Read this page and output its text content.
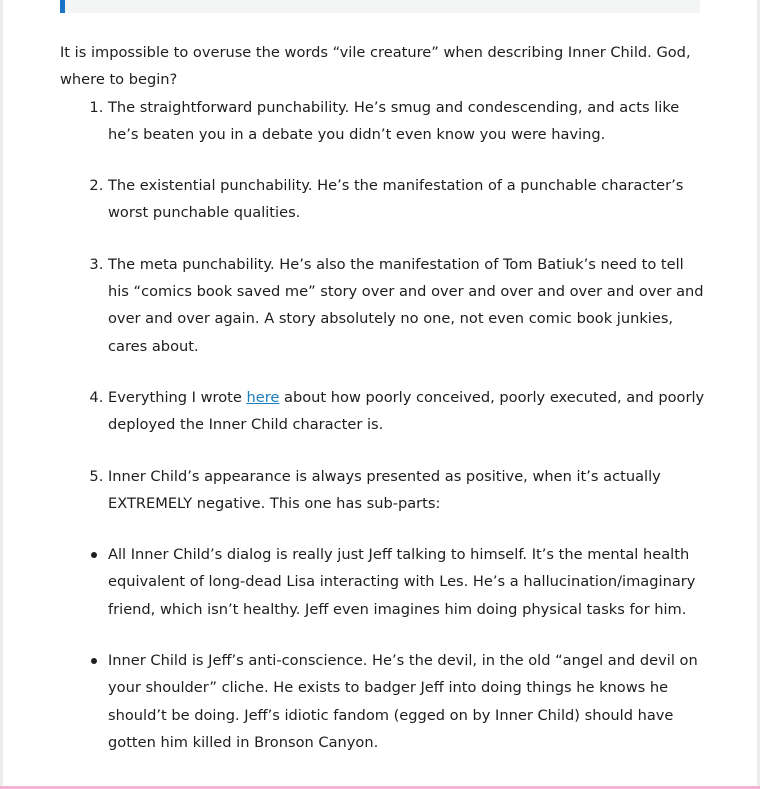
It is impossible to overuse the words “vile creature” when describing Inner Child. God, where to begin?

1. The straightforward punchability. He’s smug and condescending, and acts like he’s beaten you in a debate you didn’t even know you were having.
2. The existential punchability. He’s the manifestation of a punchable character’s worst punchable qualities.
3. The meta punchability. He’s also the manifestation of Tom Batiuk’s need to tell his “comics book saved me” story over and over and over and over and over and over and over again. A story absolutely no one, not even comic book junkies, cares about.
4. Everything I wrote here about how poorly conceived, poorly executed, and poorly deployed the Inner Child character is.
5. Inner Child’s appearance is always presented as positive, when it’s actually EXTREMELY negative. This one has sub-parts:
All Inner Child’s dialog is really just Jeff talking to himself. It’s the mental health equivalent of long-dead Lisa interacting with Les. He’s a hallucination/imaginary friend, which isn’t healthy. Jeff even imagines him doing physical tasks for him.
Inner Child is Jeff’s anti-conscience. He’s the devil, in the old “angel and devil on your shoulder” cliche. He exists to badger Jeff into doing things he knows he should’t be doing. Jeff’s idiotic fandom (egged on by Inner Child) should have gotten him killed in Bronson Canyon.
